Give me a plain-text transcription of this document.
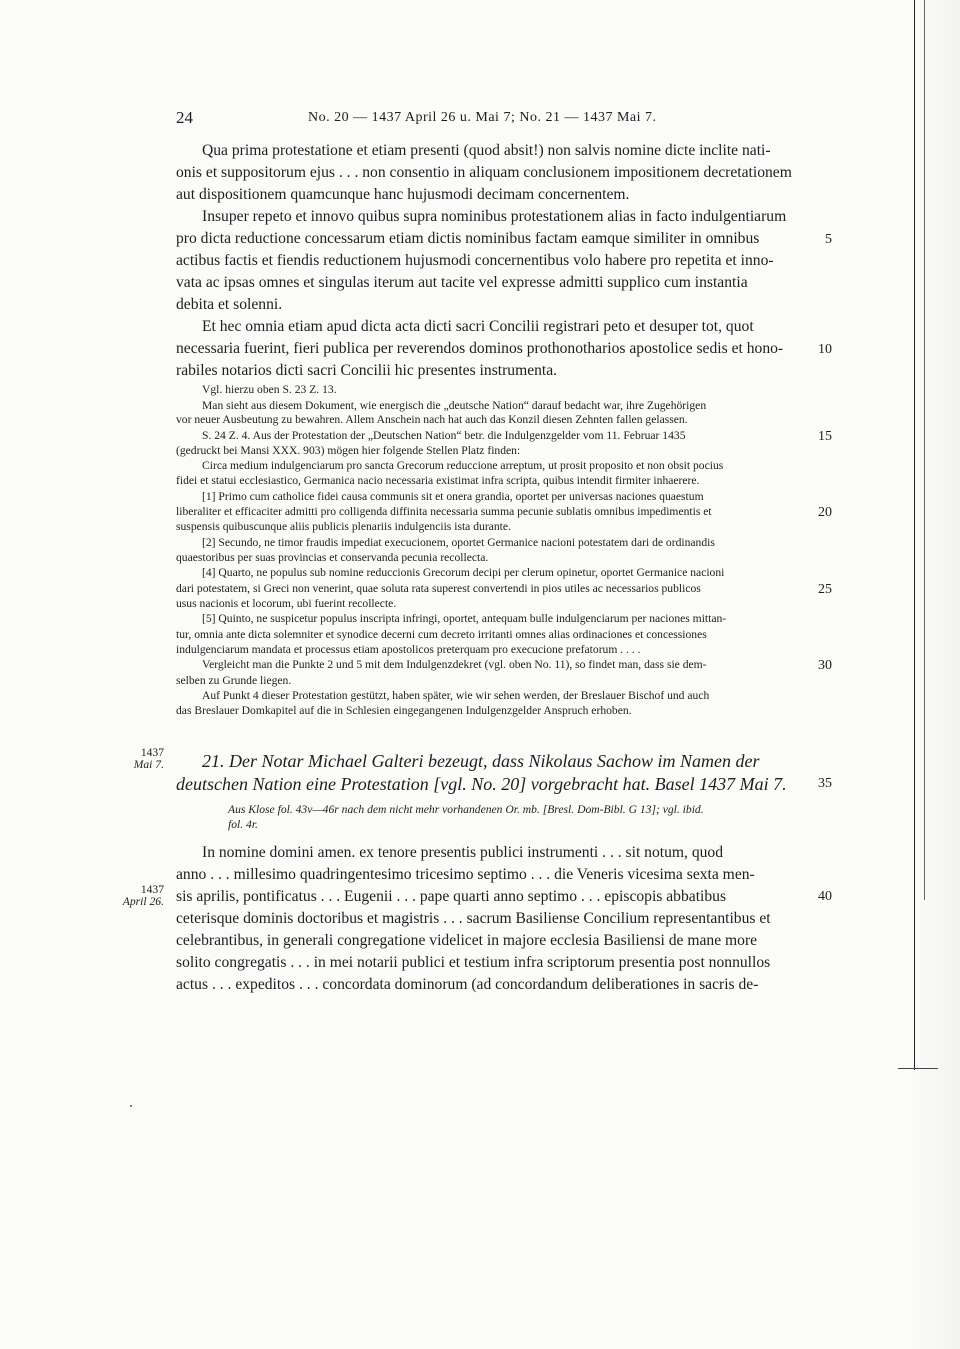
24	No. 20 — 1437 April 26 u. Mai 7; No. 21 — 1437 Mai 7.
Qua prima protestatione et etiam presenti (quod absit!) non salvis nomine dicte inclite nati-
onis et suppositorum ejus . . . non consentio in aliquam conclusionem impositionem decretationem
aut dispositionem quamcunque hanc hujusmodi decimam concernentem.
Insuper repeto et innovo quibus supra nominibus protestationem alias in facto indulgentiarum
pro dicta reductione concessarum etiam dictis nominibus factam eamque similiter in omnibus
actibus factis et fiendis reductionem hujusmodi concernentibus volo habere pro repetita et inno-
vata ac ipsas omnes et singulas iterum aut tacite vel expresse admitti supplico cum instantia
debita et solenni.
Et hec omnia etiam apud dicta acta dicti sacri Concilii registrari peto et desuper tot, quot
necessaria fuerint, fieri publica per reverendos dominos prothonotharios apostolice sedis et hono-
rabiles notarios dicti sacri Concilii hic presentes instrumenta.
Vgl. hierzu oben S. 23 Z. 13.
Man sieht aus diesem Dokument, wie energisch die „deutsche Nation“ darauf bedacht war, ihre Zugehörigen
vor neuer Ausbeutung zu bewahren. Allem Anschein nach hat auch das Konzil diesen Zehnten fallen gelassen.
S. 24 Z. 4. Aus der Protestation der „Deutschen Nation“ betr. die Indulgenzgelder vom 11. Februar 1435
(gedruckt bei Mansi XXX. 903) mögen hier folgende Stellen Platz finden:
Circa medium indulgenciarum pro sancta Grecorum reduccione arreptum, ut prosit proposito et non obsit pocius
fidei et statui ecclesiastico, Germanica nacio necessaria existimat infra scripta, quibus intendit firmiter inhaerere.
[1] Primo cum catholice fidei causa communis sit et onera grandia, oportet per universas naciones quaestum
liberaliter et efficaciter admitti pro colligenda diffinita necessaria summa pecunie sublatis omnibus impedimentis et
suspensis quibuscunque aliis publicis plenariis indulgenciis ista durante.
[2] Secundo, ne timor fraudis impediat execucionem, oportet Germanice nacioni potestatem dari de ordinandis
quaestoribus per suas provincias et conservanda pecunia recollecta.
[4] Quarto, ne populus sub nomine reduccionis Grecorum decipi per clerum opinetur, oportet Germanice nacioni
dari potestatem, si Greci non venerint, quae soluta rata superest convertendi in pios utiles ac necessarios publicos
usus nacionis et locorum, ubi fuerint recollecte.
[5] Quinto, ne suspicetur populus inscripta infringi, oportet, antequam bulle indulgenciarum per naciones mittan-
tur, omnia ante dicta solemniter et synodice decerni cum decreto irritanti omnes alias ordinaciones et concessiones
indulgenciarum mandata et processus etiam apostolicos preterquam pro execucione prefatorum . . . .
Vergleicht man die Punkte 2 und 5 mit dem Indulgenzdekret (vgl. oben No. 11), so findet man, dass sie dem-
selben zu Grunde liegen.
Auf Punkt 4 dieser Protestation gestützt, haben später, wie wir sehen werden, der Breslauer Bischof und auch
das Breslauer Domkapitel auf die in Schlesien eingegangenen Indulgenzgelder Anspruch erhoben.
1437
Mai 7. 21. Der Notar Michael Galteri bezeugt, dass Nikolaus Sachow im Namen der
deutschen Nation eine Protestation [vgl. No. 20] vorgebracht hat. Basel 1437 Mai 7.
Aus Klose fol. 43v—46r nach dem nicht mehr vorhandenen Or. mb. [Bresl. Dom-Bibl. G 13]; vgl. ibid.
fol. 4r.
1437
April 26.
In nomine domini amen. ex tenore presentis publici instrumenti . . . sit notum, quod
anno . . . millesimo quadringentesimo tricesimo septimo . . . die Veneris vicesima sexta men-
sis aprilis, pontificatus . . . Eugenii . . . pape quarti anno septimo . . . episcopis abbatibus
ceterisque dominis doctoribus et magistris . . . sacrum Basiliense Concilium representantibus et
celebrantibus, in generali congregatione videlicet in majore ecclesia Basiliensi de mane more
solito congregatis . . . in mei notarii publici et testium infra scriptorum presentia post nonnullos
actus . . . expeditos . . . concordata dominorum (ad concordandum deliberationes in sacris de-
5
10
15
20
25
30
35
40
